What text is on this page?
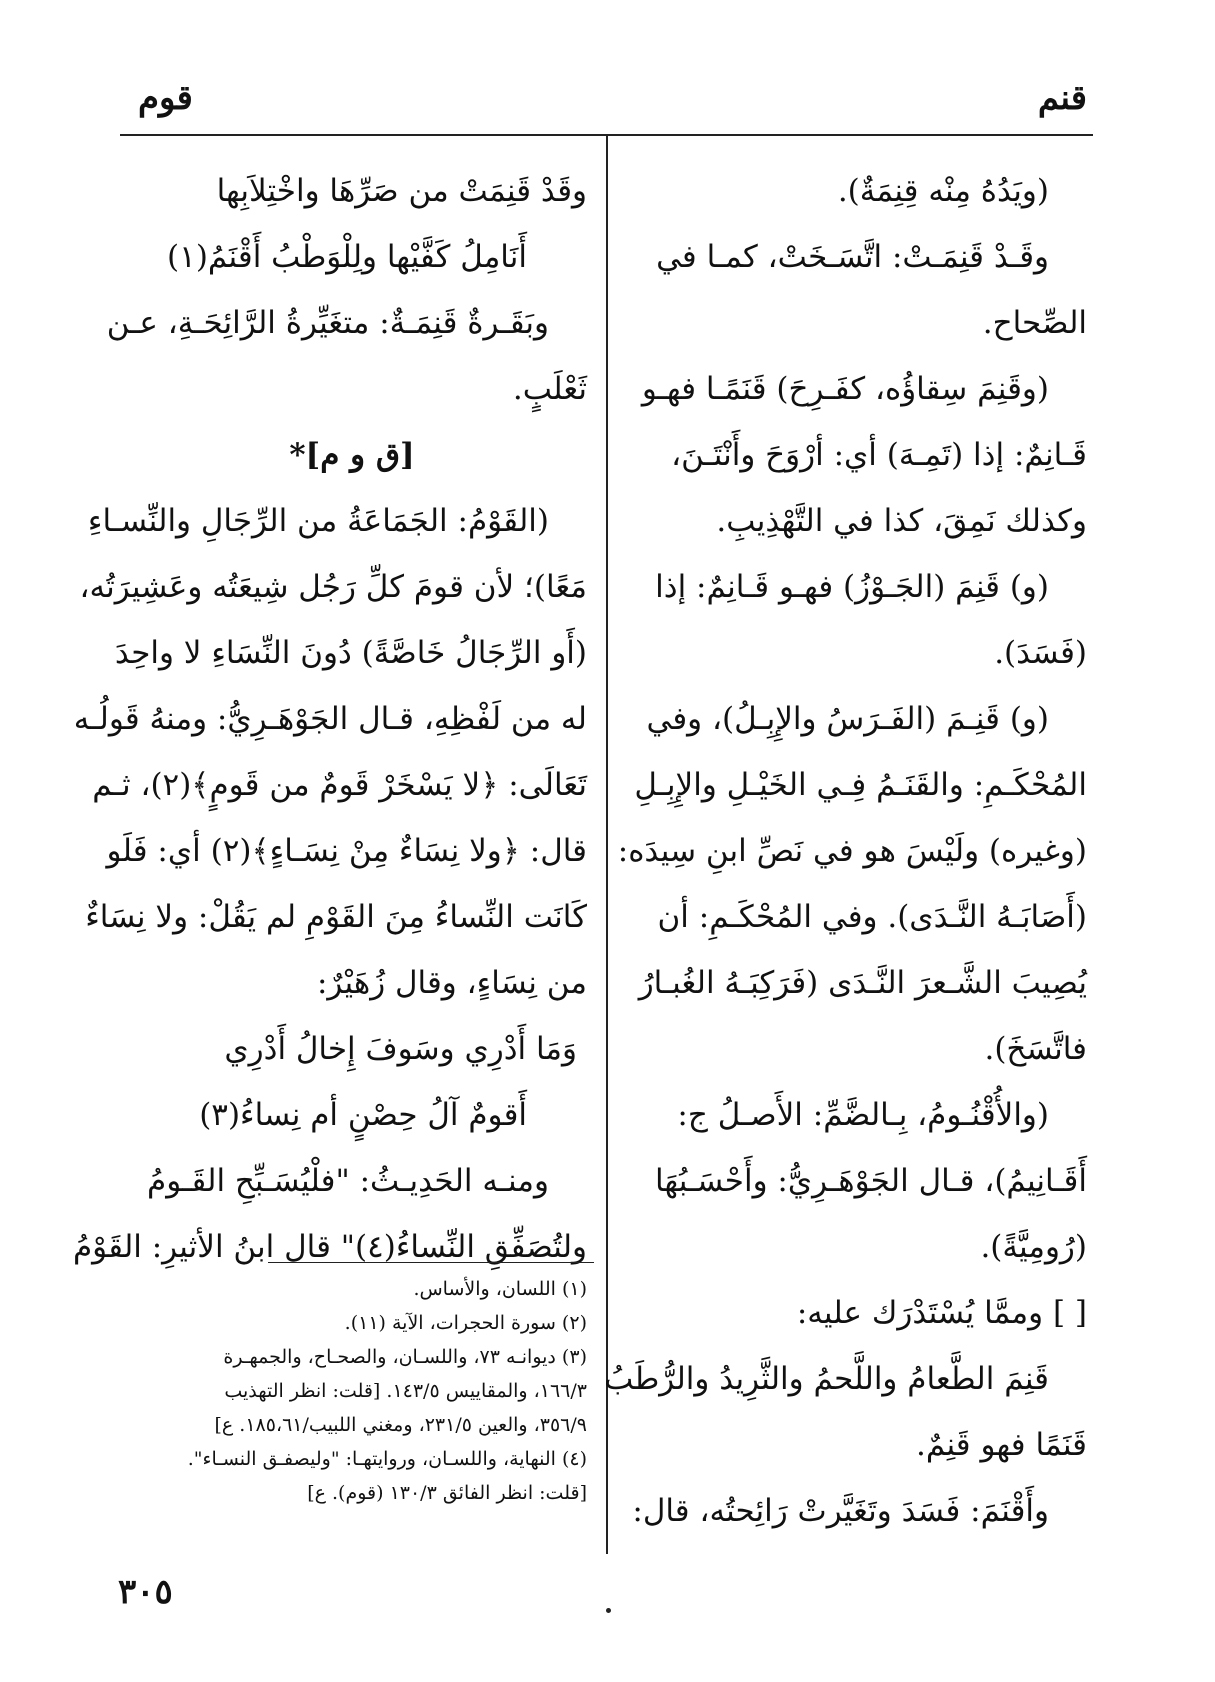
قنم
قوم
(ويَدُهُ مِنْه قِنِمَةٌ).
وقَـدْ قَنِمَـتْ: اتَّسَـخَتْ، كمـا في
الصِّحاح.
(وقَنِمَ سِقاؤُه، كفَـرِحَ) قَنَمًـا فهـو
قَـانِمٌ: إذا (تَمِـهَ) أي: أرْوَحَ وأَنْتَـنَ،
وكذلك نَمِقَ، كذا في التَّهْذِيبِ.
(و) قَنِمَ (الجَـوْزُ) فهـو قَـانِمٌ: إذا
(فَسَدَ).
(و) قَنِـمَ (الفَـرَسُ والإِبِـلُ)، وفي
المُحْكَـمِ: والقَنَـمُ فِـي الخَيْـلِ والإِبِـلِ
(وغيره) ولَيْسَ هو في نَصِّ ابنِ سِيدَه:
(أَصَابَـهُ النَّـدَى). وفي المُحْكَـمِ: أن
يُصِيبَ الشَّـعرَ النَّـدَى (فَرَكِبَـهُ الغُبـارُ
فاتَّسَخَ).
(والأُقْنُـومُ، بِـالضَّمِّ: الأَصـلُ ج:
أَقَـانِيمُ)، قـال الجَوْهَـرِيُّ: وأَحْسَـبُهَا
(رُومِيَّةً).
[ ] وممَّا يُسْتَدْرَك عليه:
قَنِمَ الطَّعامُ واللَّحمُ والثَّرِيدُ والرُّطَبُ
قَنَمًا فهو قَنِمٌ.
وأَقْنَمَ: فَسَدَ وتَغَيَّرتْ رَائِحتُه، قال:
وقَدْ قَنِمَتْ من صَرِّهَا واخْتِلاَبِها
أَنَامِلُ كَفَّيْها ولِلْوَطْبُ أَقْنَمُ(١)
وبَقَـرةٌ قَنِمَـةٌ: متغَيِّرةُ الرَّائِحَـةِ، عـن
ثَعْلَبٍ.
[ق و م]*
(القَوْمُ: الجَمَاعَةُ من الرِّجَالِ والنِّسـاءِ
مَعًا)؛ لأن قومَ كلِّ رَجُل شِيعَتُه وعَشِيرَتُه،
(أَو الرِّجَالُ خَاصَّةً) دُونَ النِّسَاءِ لا واحِدَ
له من لَفْظِهِ، قـال الجَوْهَـرِيُّ: ومنهُ قَولُـه
تَعَالَى: ﴿لا يَسْخَرْ قَومٌ من قَومٍ﴾(٢)، ثـم
قال: ﴿ولا نِسَاءٌ مِنْ نِسَـاءٍ﴾(٢) أي: فَلَو
كَانَت النِّساءُ مِنَ القَوْمِ لم يَقُلْ: ولا نِسَاءٌ
من نِسَاءٍ، وقال زُهَيْرٌ:
وَمَا أَدْرِي وسَوفَ إِخالُ أَدْرِي
أَقومٌ آلُ حِصْنٍ أم نِساءُ(٣)
ومنـه الحَدِيـثُ: "فلْيُسَـبِّحِ القَـومُ
ولتُصَفِّقِ النِّساءُ(٤)" قال ابنُ الأثيرِ: القَوْمُ
(١) اللسان، والأساس.
(٢) سورة الحجرات، الآية (١١).
(٣) ديوانـه ٧٣، واللسـان، والصحـاح، والجمهـرة
١٦٦/٣، والمقاييس ١٤٣/٥. [قلت: انظر التهذيب
٣٥٦/٩، والعين ٢٣١/٥، ومغني اللبيب/١٨٥،٦١. ع]
(٤) النهاية، واللسـان، وروايتهـا: "وليصفـق النسـاء".
[قلت: انظر الفائق ١٣٠/٣ (قوم). ع]
٣٠٥
